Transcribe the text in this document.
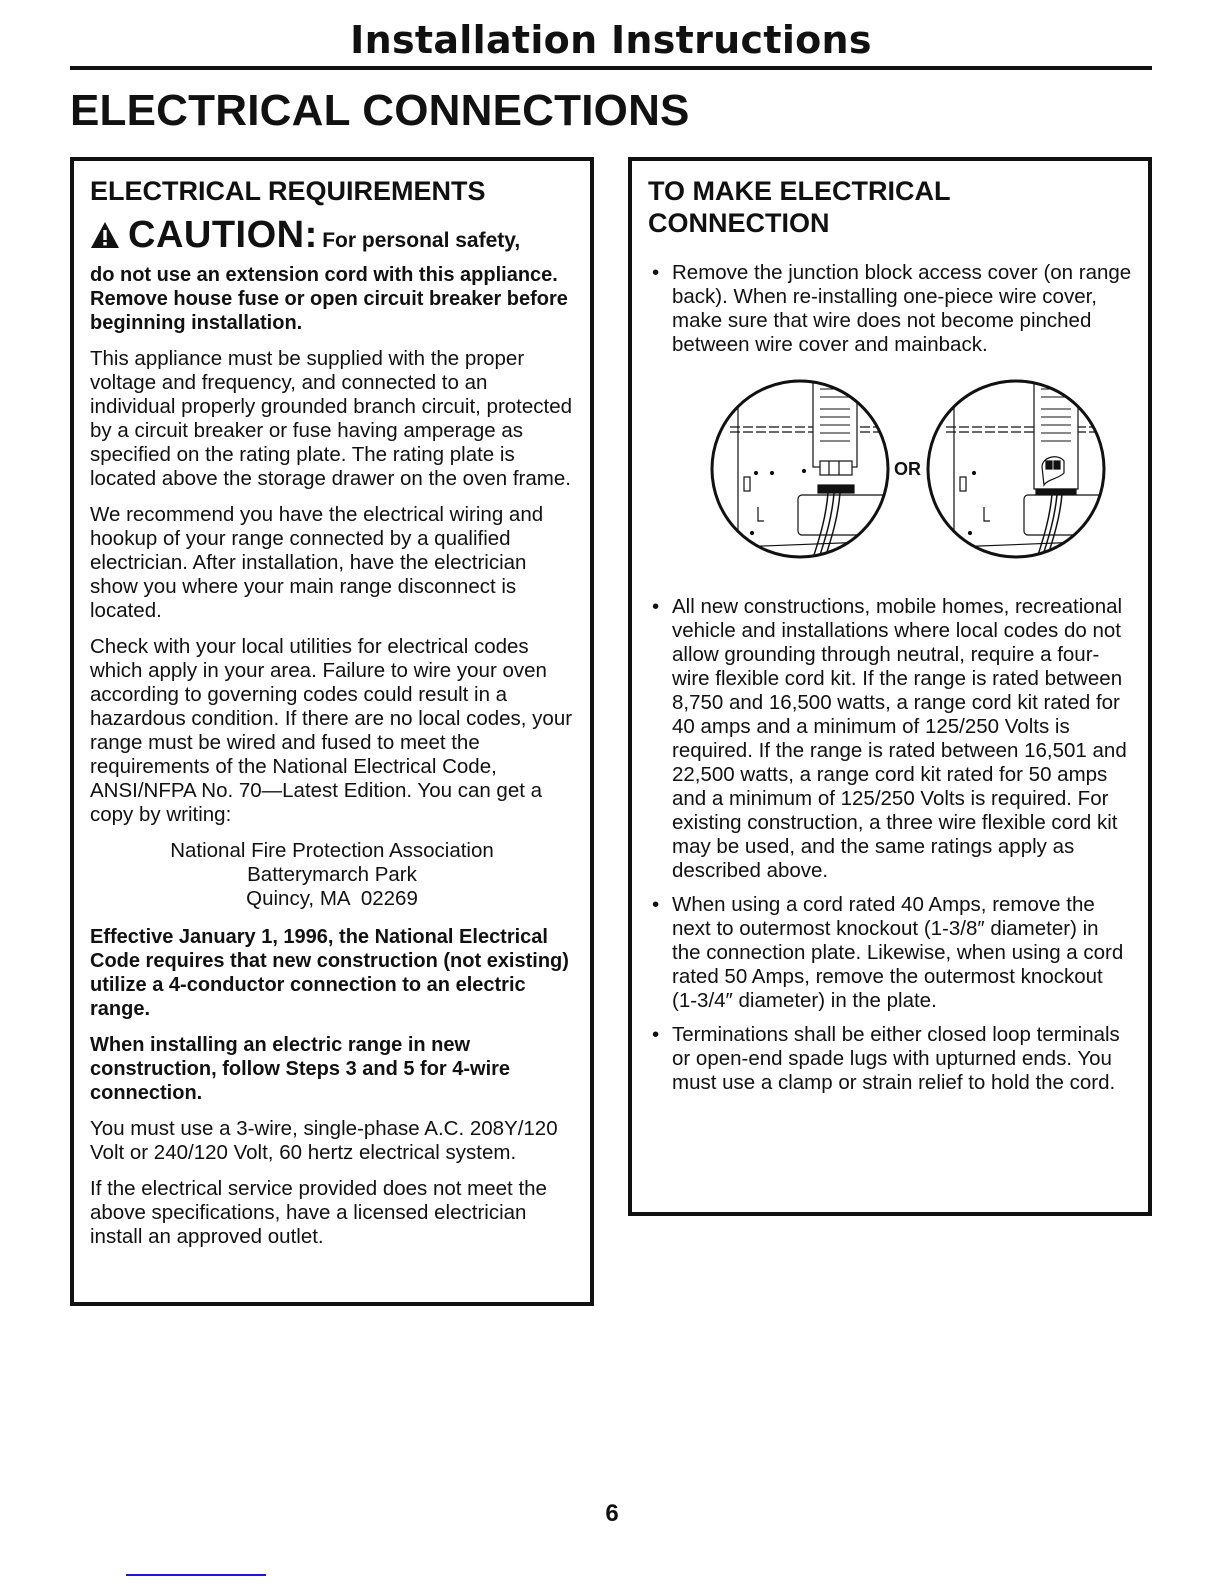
Installation Instructions
ELECTRICAL CONNECTIONS
ELECTRICAL REQUIREMENTS
CAUTION: For personal safety,

do not use an extension cord with this appliance. Remove house fuse or open circuit breaker before beginning installation.

This appliance must be supplied with the proper voltage and frequency, and connected to an individual properly grounded branch circuit, protected by a circuit breaker or fuse having amperage as specified on the rating plate. The rating plate is located above the storage drawer on the oven frame.

We recommend you have the electrical wiring and hookup of your range connected by a qualified electrician. After installation, have the electrician show you where your main range disconnect is located.

Check with your local utilities for electrical codes which apply in your area. Failure to wire your oven according to governing codes could result in a hazardous condition. If there are no local codes, your range must be wired and fused to meet the requirements of the National Electrical Code, ANSI/NFPA No. 70—Latest Edition. You can get a copy by writing:

National Fire Protection Association
Batterymarch Park
Quincy, MA  02269

Effective January 1, 1996, the National Electrical Code requires that new construction (not existing) utilize a 4-conductor connection to an electric range.

When installing an electric range in new construction, follow Steps 3 and 5 for 4-wire connection.

You must use a 3-wire, single-phase A.C. 208Y/120 Volt or 240/120 Volt, 60 hertz electrical system.

If the electrical service provided does not meet the above specifications, have a licensed electrician install an approved outlet.

TO MAKE ELECTRICAL CONNECTION
• Remove the junction block access cover (on range back). When re-installing one-piece wire cover, make sure that wire does not become pinched between wire cover and mainback.
OR
• All new constructions, mobile homes, recreational vehicle and installations where local codes do not allow grounding through neutral, require a four-wire flexible cord kit. If the range is rated between 8,750 and 16,500 watts, a range cord kit rated for 40 amps and a minimum of 125/250 Volts is required. If the range is rated between 16,501 and 22,500 watts, a range cord kit rated for 50 amps and a minimum of 125/250 Volts is required. For existing construction, a three wire flexible cord kit may be used, and the same ratings apply as described above.
• When using a cord rated 40 Amps, remove the next to outermost knockout (1-3/8″ diameter) in the connection plate. Likewise, when using a cord rated 50 Amps, remove the outermost knockout (1-3/4″ diameter) in the plate.
• Terminations shall be either closed loop terminals or open-end spade lugs with upturned ends. You must use a clamp or strain relief to hold the cord.
6
